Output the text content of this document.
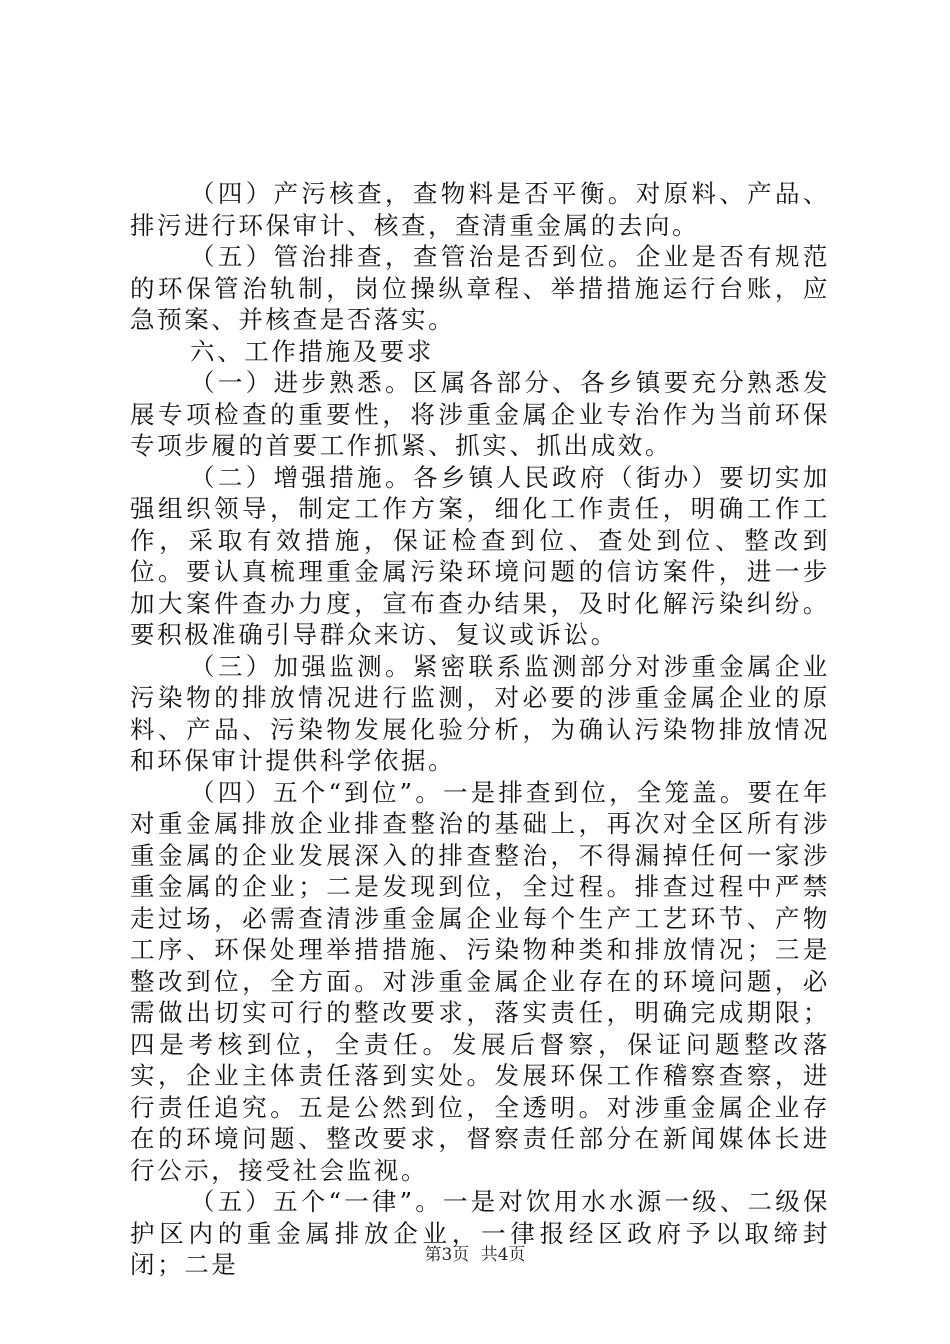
（四）产污核查，查物料是否平衡。对原料、产品、排污进行环保审计、核查，查清重金属的去向。

（五）管治排查，查管治是否到位。企业是否有规范的环保管治轨制，岗位操纵章程、举措措施运行台账，应急预案、并核查是否落实。

六、工作措施及要求

（一）进步熟悉。区属各部分、各乡镇要充分熟悉发展专项检查的重要性，将涉重金属企业专治作为当前环保专项步履的首要工作抓紧、抓实、抓出成效。

（二）增强措施。各乡镇人民政府（街办）要切实加强组织领导，制定工作方案，细化工作责任，明确工作工作，采取有效措施，保证检查到位、查处到位、整改到位。要认真梳理重金属污染环境问题的信访案件，进一步加大案件查办力度，宣布查办结果，及时化解污染纠纷。要积极准确引导群众来访、复议或诉讼。

（三）加强监测。紧密联系监测部分对涉重金属企业污染物的排放情况进行监测，对必要的涉重金属企业的原料、产品、污染物发展化验分析，为确认污染物排放情况和环保审计提供科学依据。

（四）五个“到位”。一是排查到位，全笼盖。要在年对重金属排放企业排查整治的基础上，再次对全区所有涉重金属的企业发展深入的排查整治，不得漏掉任何一家涉重金属的企业；二是发现到位，全过程。排查过程中严禁走过场，必需查清涉重金属企业每个生产工艺环节、产物工序、环保处理举措措施、污染物种类和排放情况；三是整改到位，全方面。对涉重金属企业存在的环境问题，必需做出切实可行的整改要求，落实责任，明确完成期限；四是考核到位，全责任。发展后督察，保证问题整改落实，企业主体责任落到实处。发展环保工作稽察查察，进行责任追究。五是公然到位，全透明。对涉重金属企业存在的环境问题、整改要求，督察责任部分在新闻媒体长进行公示，接受社会监视。

（五）五个“一律”。一是对饮用水水源一级、二级保护区内的重金属排放企业，一律报经区政府予以取缔封闭；二是	第3页 共4页
